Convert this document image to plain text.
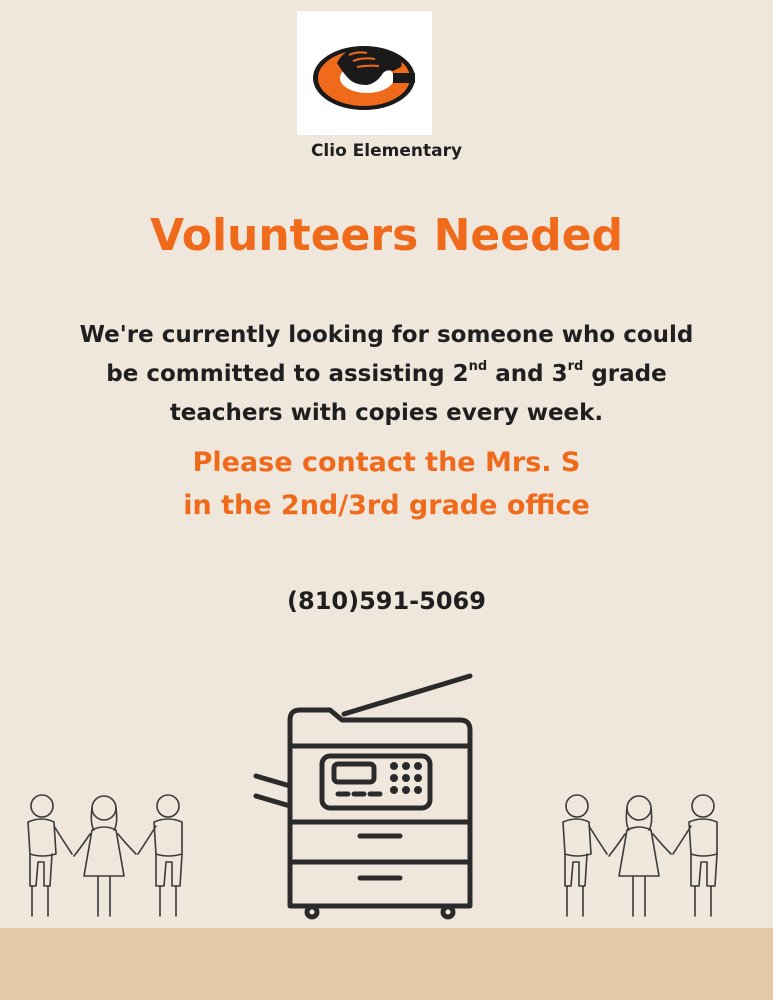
Clio Elementary
Volunteers Needed
We're currently looking for someone who could be committed to assisting 2nd and 3rd grade teachers with copies every week.
Please contact the Mrs. S
in the 2nd/3rd grade office
(810)591-5069
